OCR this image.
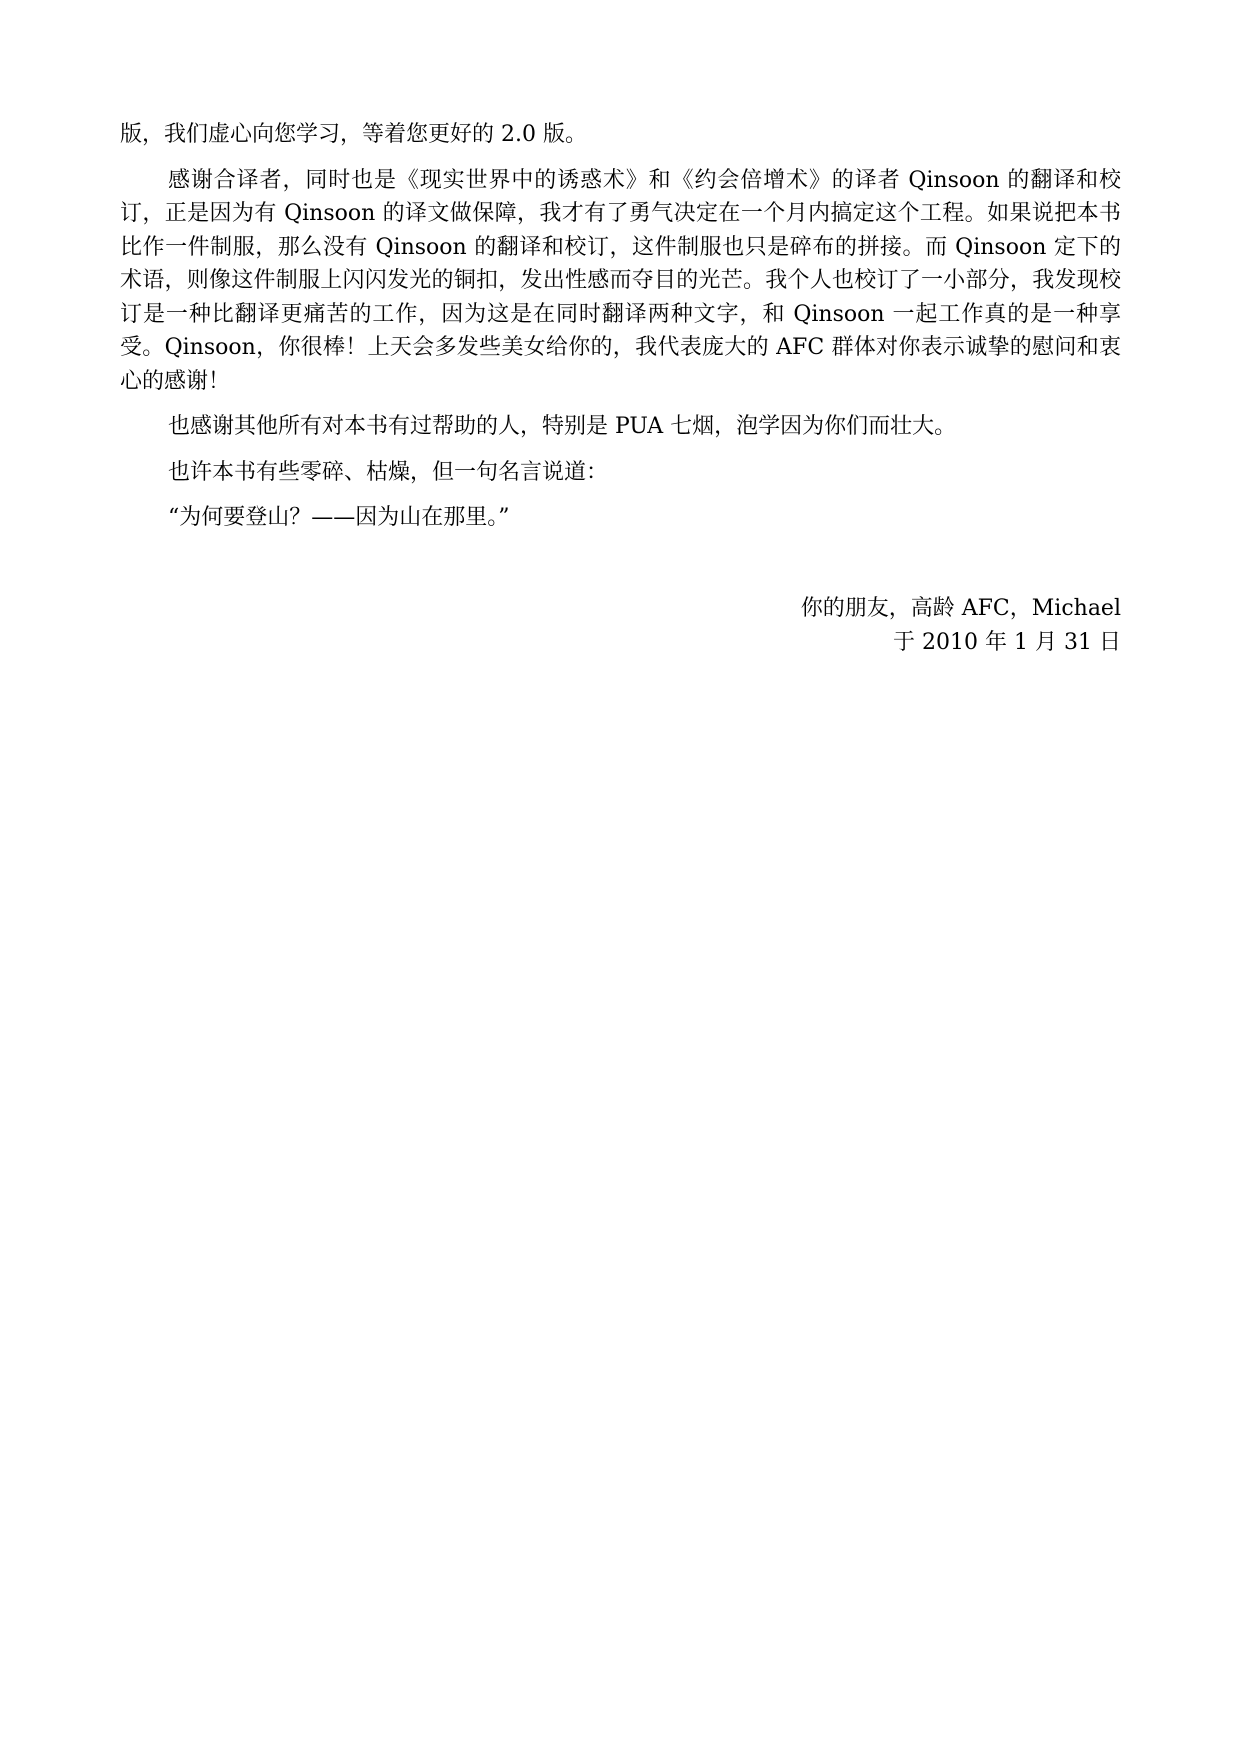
版，我们虚心向您学习，等着您更好的 2.0 版。

感谢合译者，同时也是《现实世界中的诱惑术》和《约会倍增术》的译者 Qinsoon 的翻译和校订，正是因为有 Qinsoon 的译文做保障，我才有了勇气决定在一个月内搞定这个工程。如果说把本书比作一件制服，那么没有 Qinsoon 的翻译和校订，这件制服也只是碎布的拼接。而 Qinsoon 定下的术语，则像这件制服上闪闪发光的铜扣，发出性感而夺目的光芒。我个人也校订了一小部分，我发现校订是一种比翻译更痛苦的工作，因为这是在同时翻译两种文字，和 Qinsoon 一起工作真的是一种享受。Qinsoon，你很棒！上天会多发些美女给你的，我代表庞大的 AFC 群体对你表示诚挚的慰问和衷心的感谢！

也感谢其他所有对本书有过帮助的人，特别是 PUA 七烟，泡学因为你们而壮大。

也许本书有些零碎、枯燥，但一句名言说道：

“为何要登山？——因为山在那里。”

你的朋友，高龄 AFC，Michael

于 2010 年 1 月 31 日
